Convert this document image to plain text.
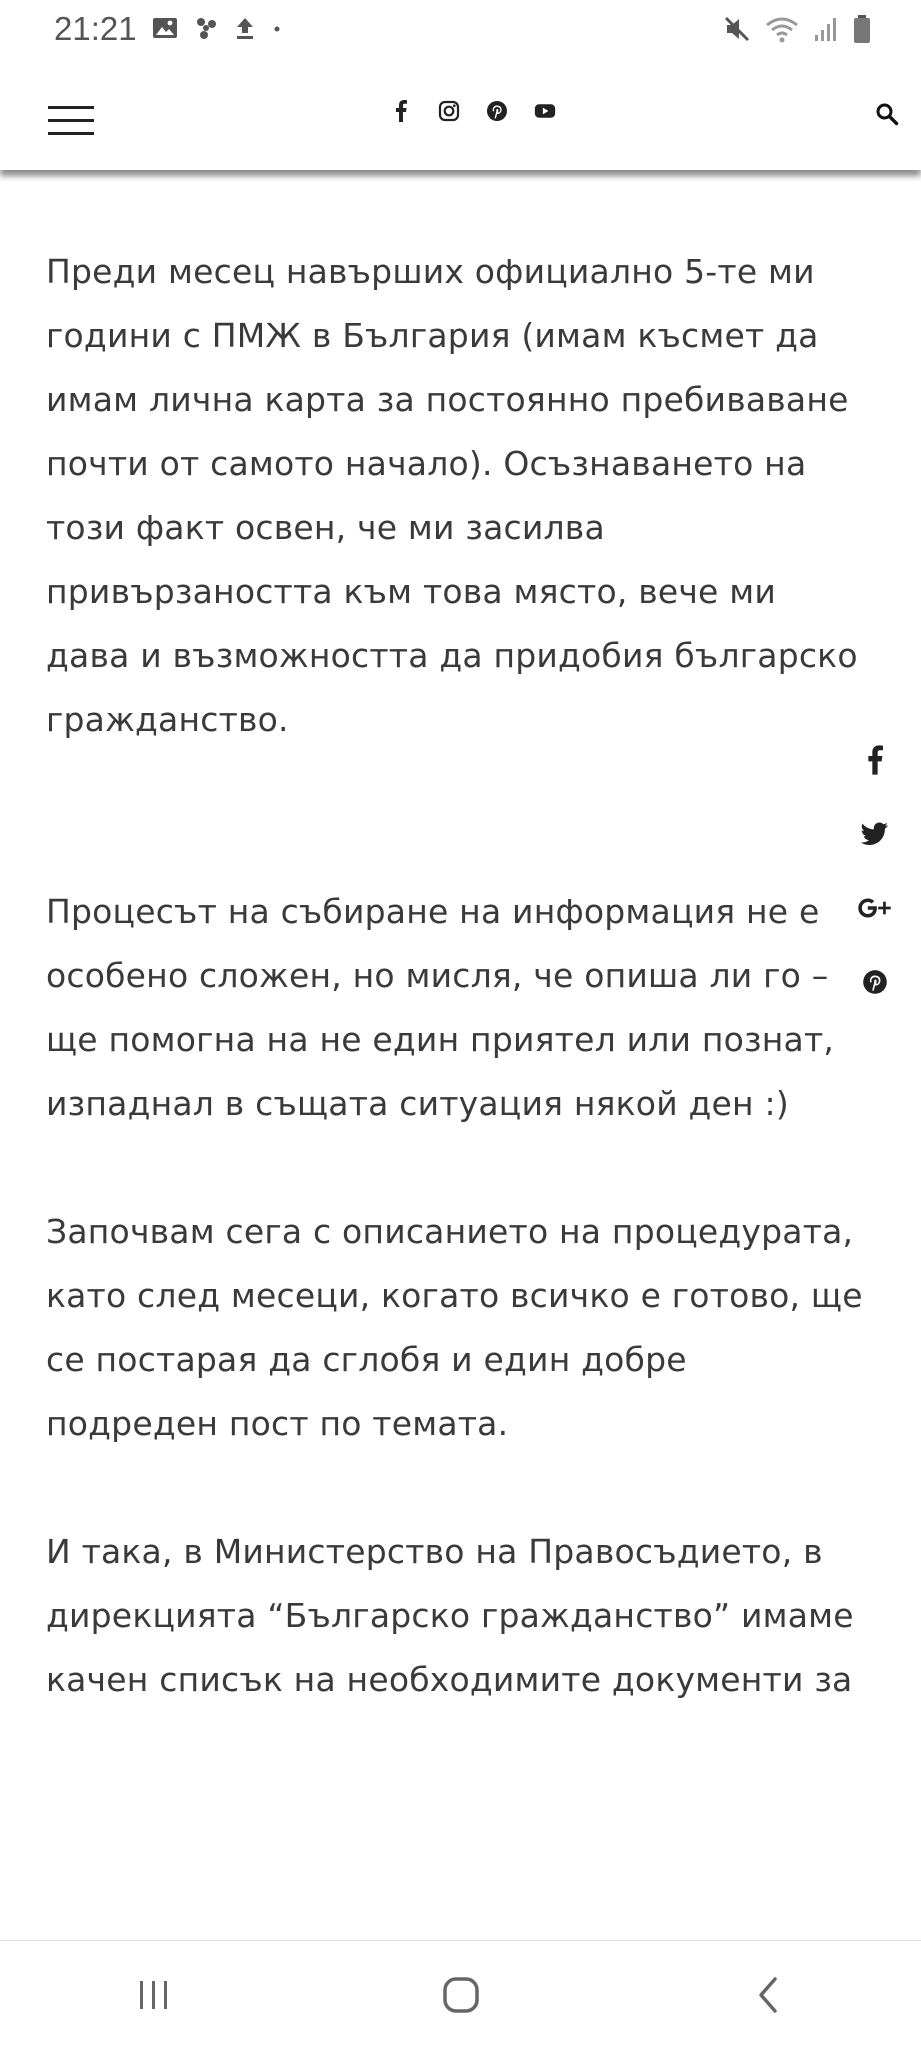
21:21

Преди месец навърших официално 5-те ми години с ПМЖ в България (имам късмет да имам лична карта за постоянно пребиваване почти от самото начало). Осъзнаването на този факт освен, че ми засилва привързаността към това място, вече ми дава и възможността да придобия българско гражданство.

Процесът на събиране на информация не е особено сложен, но мисля, че опиша ли го – ще помогна на не един приятел или познат, изпаднал в същата ситуация някой ден :)

Започвам сега с описанието на процедурата, като след месеци, когато всичко е готово, ще се постарая да сглобя и един добре подреден пост по темата.

И така, в Министерство на Правосъдието, в дирекцията “Българско гражданство” имаме качен списък на необходимите документи за
